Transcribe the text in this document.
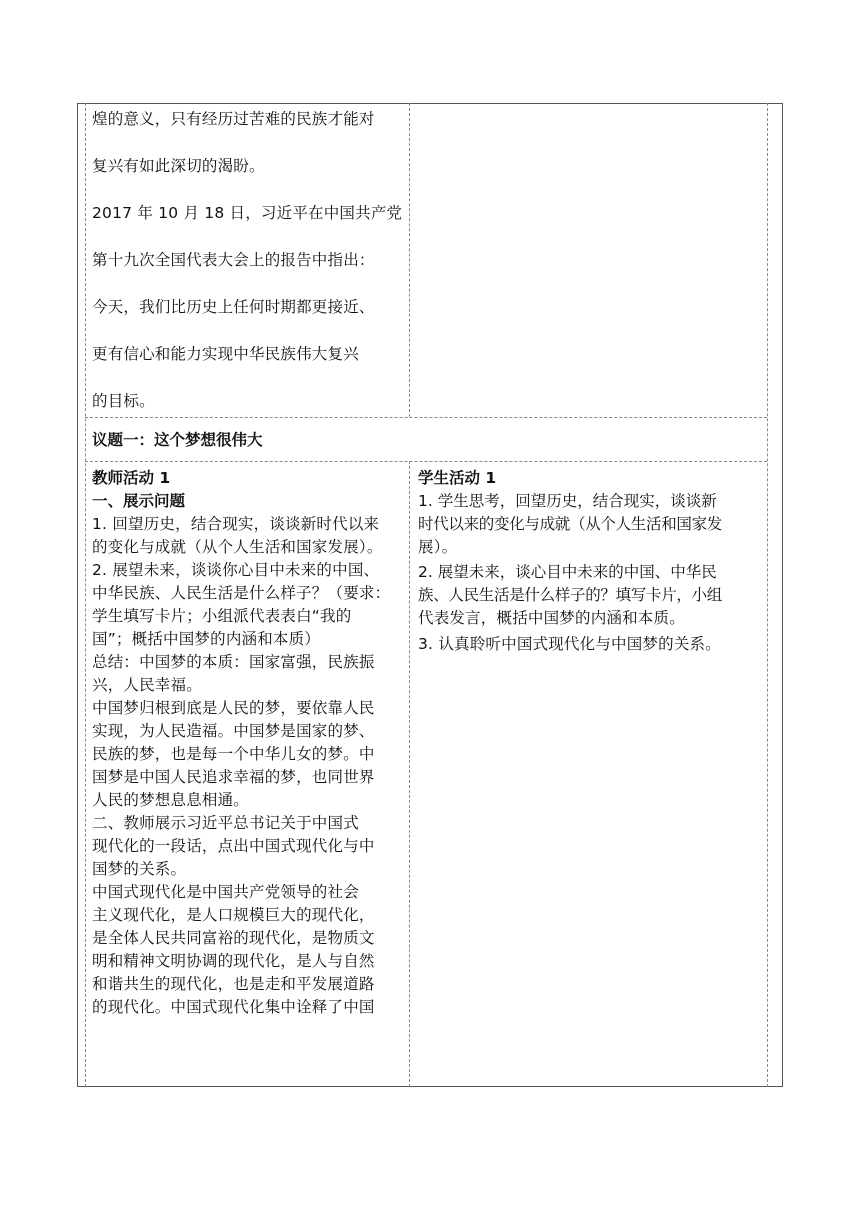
煌的意义，只有经历过苦难的民族才能对

复兴有如此深切的渴盼。

2017 年 10 月 18 日，习近平在中国共产党

第十九次全国代表大会上的报告中指出：

今天，我们比历史上任何时期都更接近、

更有信心和能力实现中华民族伟大复兴

的目标。

议题一：这个梦想很伟大
教师活动 1
一、展示问题

1. 回望历史，结合现实，谈谈新时代以来

的变化与成就（从个人生活和国家发展）。

2. 展望未来，谈谈你心目中未来的中国、

中华民族、人民生活是什么样子？（要求：

学生填写卡片；小组派代表表白“我的

国”；概括中国梦的内涵和本质）

总结：中国梦的本质：国家富强，民族振

兴，人民幸福。

中国梦归根到底是人民的梦，要依靠人民

实现，为人民造福。中国梦是国家的梦、

民族的梦，也是每一个中华儿女的梦。中

国梦是中国人民追求幸福的梦，也同世界

人民的梦想息息相通。

二、教师展示习近平总书记关于中国式

现代化的一段话，点出中国式现代化与中

国梦的关系。

中国式现代化是中国共产党领导的社会

主义现代化，是人口规模巨大的现代化，

是全体人民共同富裕的现代化，是物质文

明和精神文明协调的现代化，是人与自然

和谐共生的现代化，也是走和平发展道路

的现代化。中国式现代化集中诠释了中国

学生活动 1

1. 学生思考，回望历史，结合现实，谈谈新

时代以来的变化与成就（从个人生活和国家发

展）。

2. 展望未来，谈心目中未来的中国、中华民

族、人民生活是什么样子的？填写卡片，小组

代表发言，概括中国梦的内涵和本质。

3. 认真聆听中国式现代化与中国梦的关系。
